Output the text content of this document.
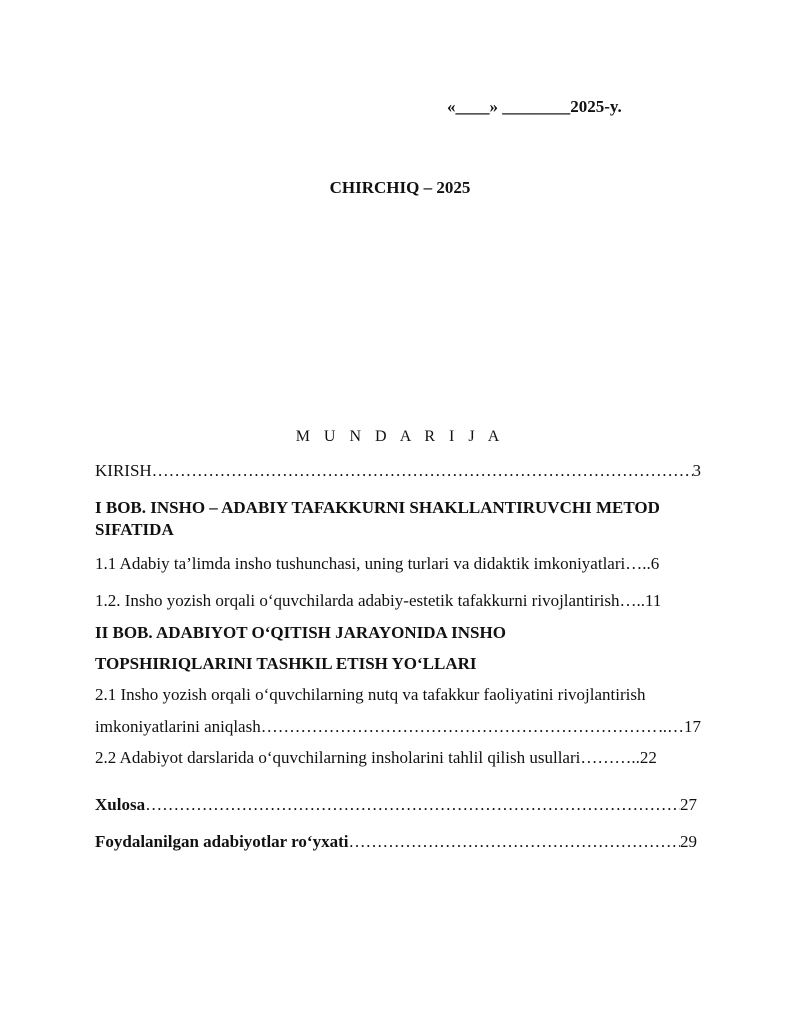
«____» ________2025-y.
CHIRCHIQ – 2025
M U N D A R I J A
KIRISH ………………………………………………………………………………………………………………………………………………………………………………………………………………	3
I BOB. INSHO – ADABIY TAFAKKURNI SHAKLLANTIRUVCHI METOD
SIFATIDA
1.1 Adabiy ta’limda insho tushunchasi, uning turlari va didaktik imkoniyatlari …..6
1.2. Insho yozish orqali o‘quvchilarda adabiy-estetik tafakkurni rivojlantirish …..11
II BOB. ADABIYOT O‘QITISH JARAYONIDA INSHO
TOPSHIRIQLARINI TASHKIL ETISH YO‘LLARI
2.1 Insho yozish orqali o‘quvchilarning nutq va tafakkur faoliyatini rivojlantirish
imkoniyatlarini aniqlash ………………………………………………………………………………………………………………………………………………………………………………………………………………	..…17
2.2 Adabiyot darslarida o‘quvchilarning insholarini tahlil qilish usullari ………..22
Xulosa ………………………………………………………………………………………………………………………………………………………………………………………………………………	27
Foydalanilgan adabiyotlar ro‘yxati ………………………………………………………………………………………………………………………………………………………………………………………………………………	29
